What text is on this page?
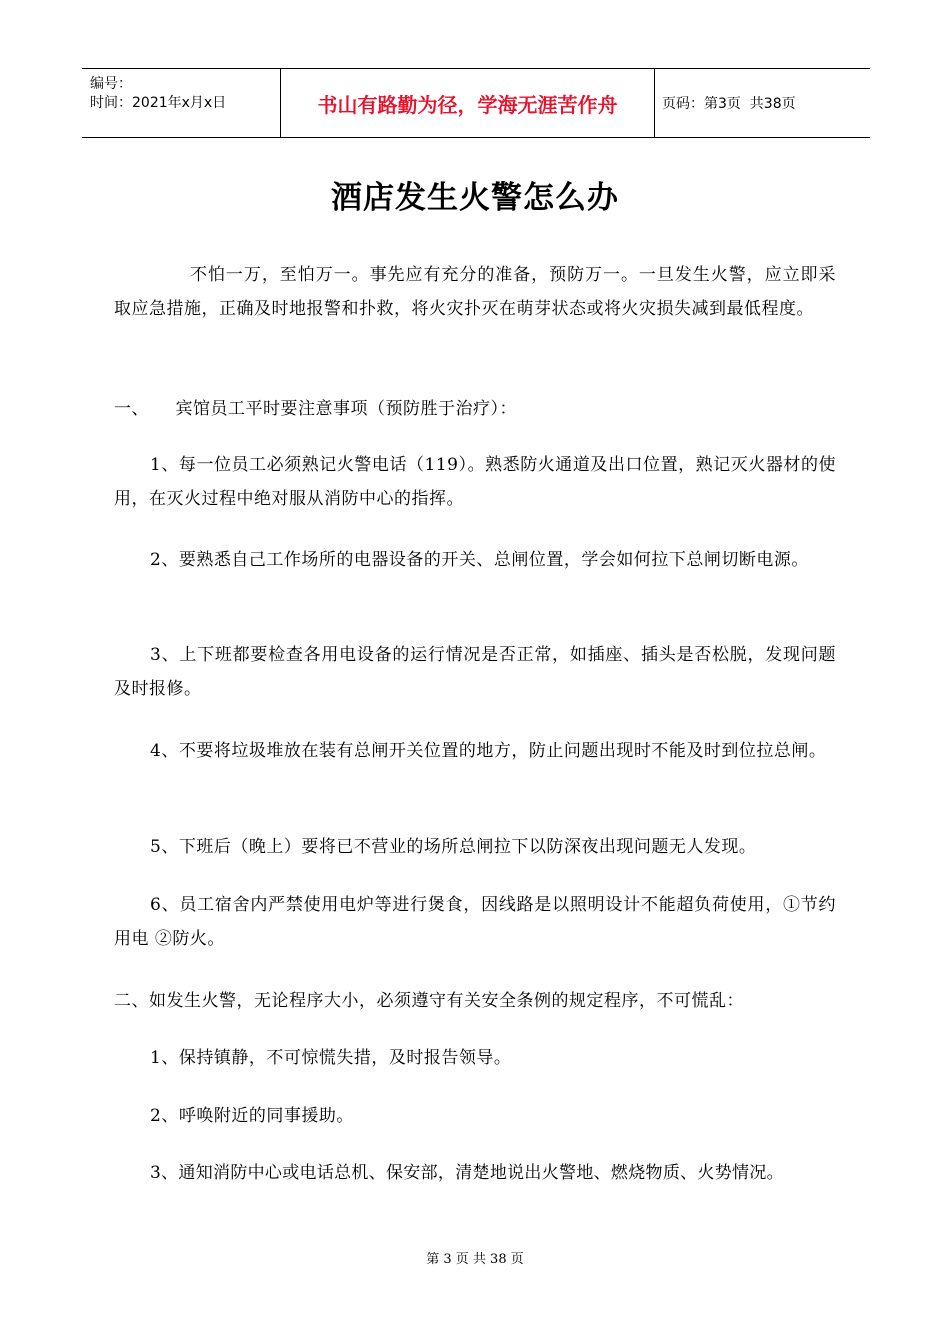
编号：
时间：2021年x月x日	书山有路勤为径，学海无涯苦作舟	页码：第3页  共38页
酒店发生火警怎么办
不怕一万，至怕万一。事先应有充分的准备，预防万一。一旦发生火警，应立即采取应急措施，正确及时地报警和扑救，将火灾扑灭在萌芽状态或将火灾损失减到最低程度。
一、　　宾馆员工平时要注意事项（预防胜于治疗）：
1、每一位员工必须熟记火警电话（119）。熟悉防火通道及出口位置，熟记灭火器材的使用，在灭火过程中绝对服从消防中心的指挥。
2、要熟悉自己工作场所的电器设备的开关、总闸位置，学会如何拉下总闸切断电源。
3、上下班都要检查各用电设备的运行情况是否正常，如插座、插头是否松脱，发现问题及时报修。
4、不要将垃圾堆放在装有总闸开关位置的地方，防止问题出现时不能及时到位拉总闸。
5、下班后（晚上）要将已不营业的场所总闸拉下以防深夜出现问题无人发现。
6、员工宿舍内严禁使用电炉等进行煲食，因线路是以照明设计不能超负荷使用，①节约用电 ②防火。
二、如发生火警，无论程序大小，必须遵守有关安全条例的规定程序，不可慌乱：
1、保持镇静，不可惊慌失措，及时报告领导。
2、呼唤附近的同事援助。
3、通知消防中心或电话总机、保安部，清楚地说出火警地、燃烧物质、火势情况。
第 3 页 共 38 页
